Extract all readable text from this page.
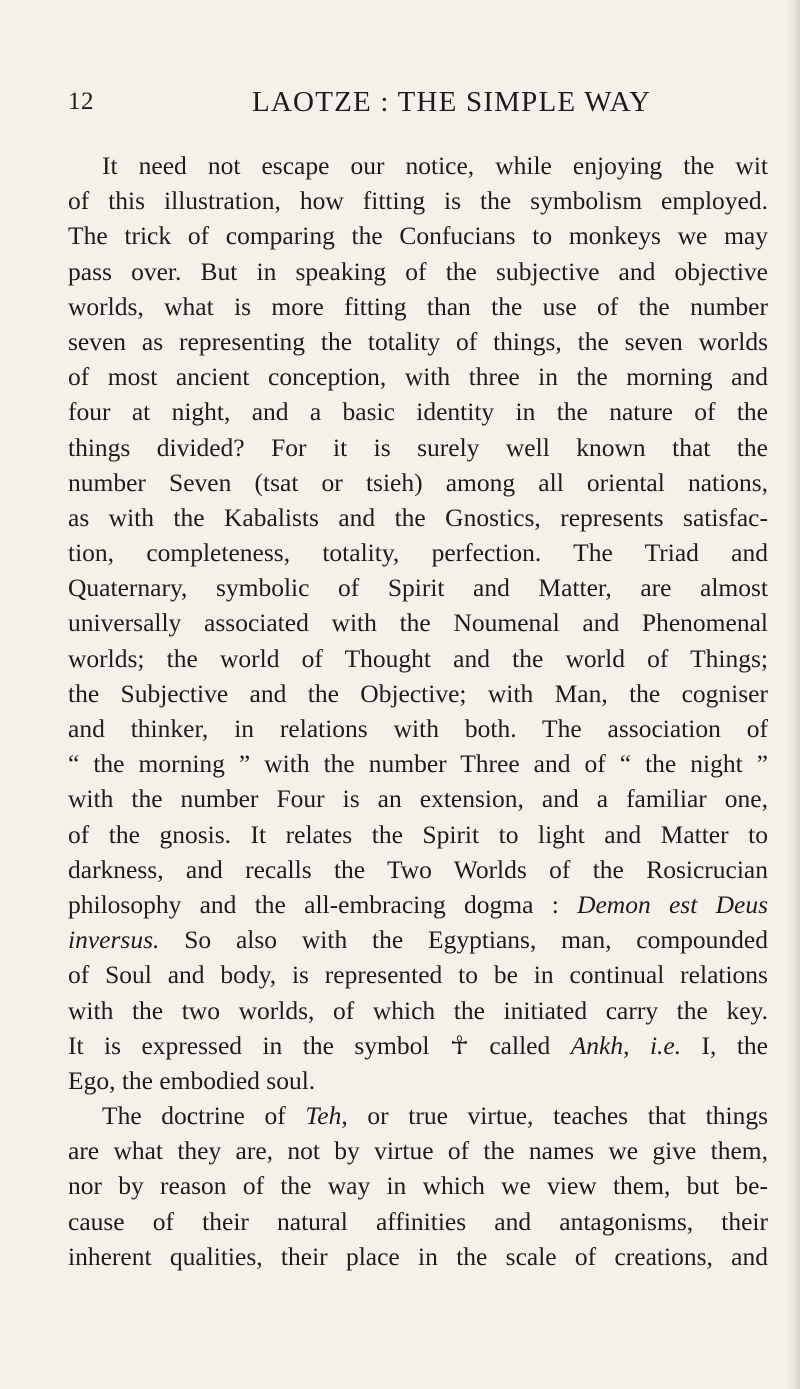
12	LAOTZE : THE SIMPLE WAY
It need not escape our notice, while enjoying the wit
of this illustration, how fitting is the symbolism employed.
The trick of comparing the Confucians to monkeys we may
pass over. But in speaking of the subjective and objective
worlds, what is more fitting than the use of the number
seven as representing the totality of things, the seven worlds
of most ancient conception, with three in the morning and
four at night, and a basic identity in the nature of the
things divided? For it is surely well known that the
number Seven (tsat or tsieh) among all oriental nations,
as with the Kabalists and the Gnostics, represents satisfac-
tion, completeness, totality, perfection. The Triad and
Quaternary, symbolic of Spirit and Matter, are almost
universally associated with the Noumenal and Phenomenal
worlds; the world of Thought and the world of Things;
the Subjective and the Objective; with Man, the cogniser
and thinker, in relations with both. The association of
“ the morning ” with the number Three and of “ the night ”
with the number Four is an extension, and a familiar one,
of the gnosis. It relates the Spirit to light and Matter to
darkness, and recalls the Two Worlds of the Rosicrucian
philosophy and the all-embracing dogma : Demon est Deus
inversus. So also with the Egyptians, man, compounded
of Soul and body, is represented to be in continual relations
with the two worlds, of which the initiated carry the key.
It is expressed in the symbol ☥ called Ankh, i.e. I, the
Ego, the embodied soul.
The doctrine of Teh, or true virtue, teaches that things
are what they are, not by virtue of the names we give them,
nor by reason of the way in which we view them, but be-
cause of their natural affinities and antagonisms, their
inherent qualities, their place in the scale of creations, and
